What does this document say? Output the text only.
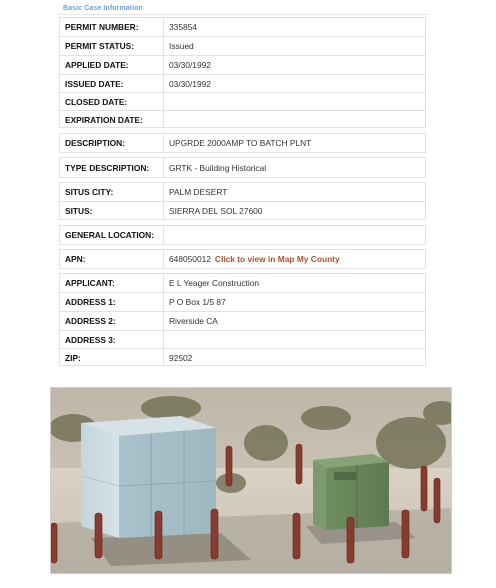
Basic Case Information
PERMIT NUMBER:	335854
PERMIT STATUS:	Issued
APPLIED DATE:	03/30/1992
ISSUED DATE:	03/30/1992
CLOSED DATE:
EXPIRATION DATE:
DESCRIPTION:	UPGRDE 2000AMP TO BATCH PLNT
TYPE DESCRIPTION:	GRTK - Building Historical
SITUS CITY:	PALM DESERT
SITUS:	SIERRA DEL SOL 27600
GENERAL LOCATION:
APN:	648050012 Click to view in Map My County
APPLICANT:	E L Yeager Construction
ADDRESS 1:	P O Box 1/5 87
ADDRESS 2:	Riverside CA
ADDRESS 3:
ZIP:	92502
